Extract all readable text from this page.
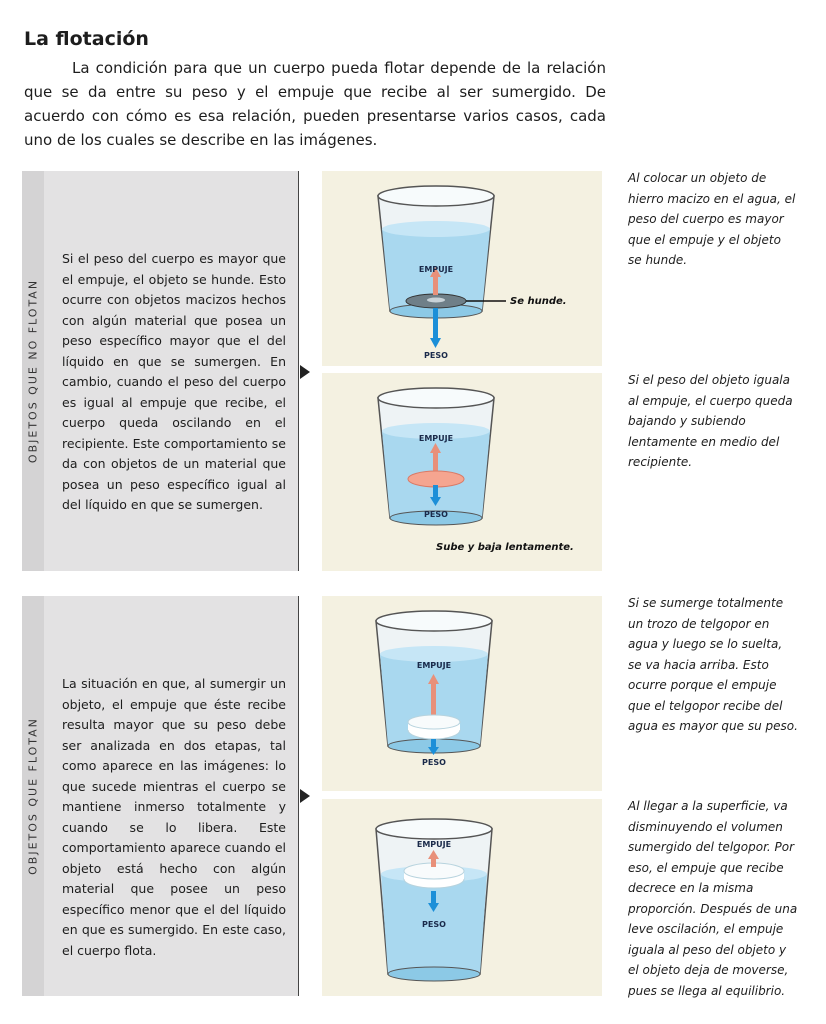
La flotación

La condición para que un cuerpo pueda flotar depende de la relación que se da entre su peso y el empuje que recibe al ser sumergido. De acuerdo con cómo es esa relación, pueden presentarse varios casos, cada uno de los cuales se describe en las imágenes.

OBJETOS QUE NO FLOTAN

Si el peso del cuerpo es mayor que el empuje, el objeto se hunde. Esto ocurre con objetos macizos hechos con algún material que posea un peso específico mayor que el del líquido en que se sumergen. En cambio, cuando el peso del cuerpo es igual al empuje que recibe, el cuerpo queda oscilando en el recipiente. Este comportamiento se da con objetos de un material que posea un peso específico igual al del líquido en que se sumergen.

OBJETOS QUE FLOTAN

La situación en que, al sumergir un objeto, el empuje que éste recibe resulta mayor que su peso debe ser analizada en dos etapas, tal como aparece en las imágenes: lo que sucede mientras el cuerpo se mantiene inmerso totalmente y cuando se lo libera. Este comportamiento aparece cuando el objeto está hecho con algún material que posee un peso específico menor que el del líquido en que es sumergido. En este caso, el cuerpo flota.

EMPUJE
PESO
Se hunde.

Al colocar un objeto de hierro macizo en el agua, el peso del cuerpo es mayor que el empuje y el objeto se hunde.

EMPUJE
PESO
Sube y baja lentamente.

Si el peso del objeto iguala al empuje, el cuerpo queda bajando y subiendo lentamente en medio del recipiente.

EMPUJE
PESO

Si se sumerge totalmente un trozo de telgopor en agua y luego se lo suelta, se va hacia arriba. Esto ocurre porque el empuje que el telgopor recibe del agua es mayor que su peso.

EMPUJE
PESO

Al llegar a la superficie, va disminuyendo el volumen sumergido del telgopor. Por eso, el empuje que recibe decrece en la misma proporción. Después de una leve oscilación, el empuje iguala al peso del objeto y el objeto deja de moverse, pues se llega al equilibrio.
